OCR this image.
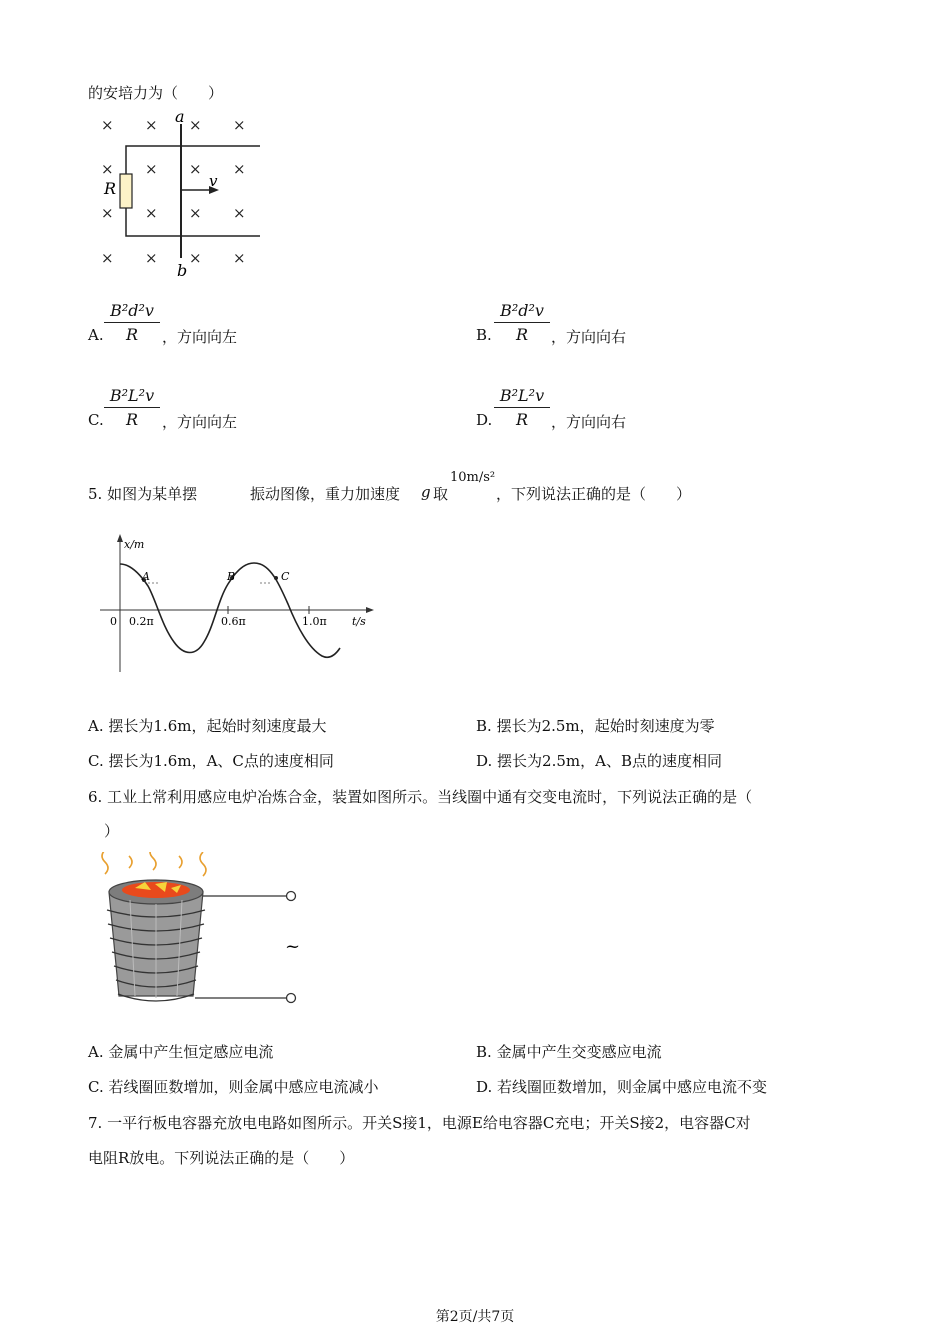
的安培力为（　　）
× × × ×
× × × ×
× × × ×
× × × ×
a
b
R	v
A.
B²d²v
R	，方向向左	B.
B²d²v
R	，方向向右
C.
B²L²v
R	，方向向左	D.
B²L²v
R	，方向向右
5. 如图为某单摆	振动图像，重力加速度 g 取
10m/s²
，下列说法正确的是（　　）
x/m
t/s
0 0.2π	0.6π	1.0π
A	B	C
A. 摆长为1.6m，起始时刻速度最大	B. 摆长为2.5m，起始时刻速度为零
C. 摆长为1.6m，A、C点的速度相同	D. 摆长为2.5m，A、B点的速度相同
6. 工业上常利用感应电炉冶炼合金，装置如图所示。当线圈中通有交变电流时，下列说法正确的是（
）
~
A. 金属中产生恒定感应电流	B. 金属中产生交变感应电流
C. 若线圈匝数增加，则金属中感应电流减小	D. 若线圈匝数增加，则金属中感应电流不变
7. 一平行板电容器充放电电路如图所示。开关S接1，电源E给电容器C充电；开关S接2，电容器C对
电阻R放电。下列说法正确的是（　　）
第2页/共7页
